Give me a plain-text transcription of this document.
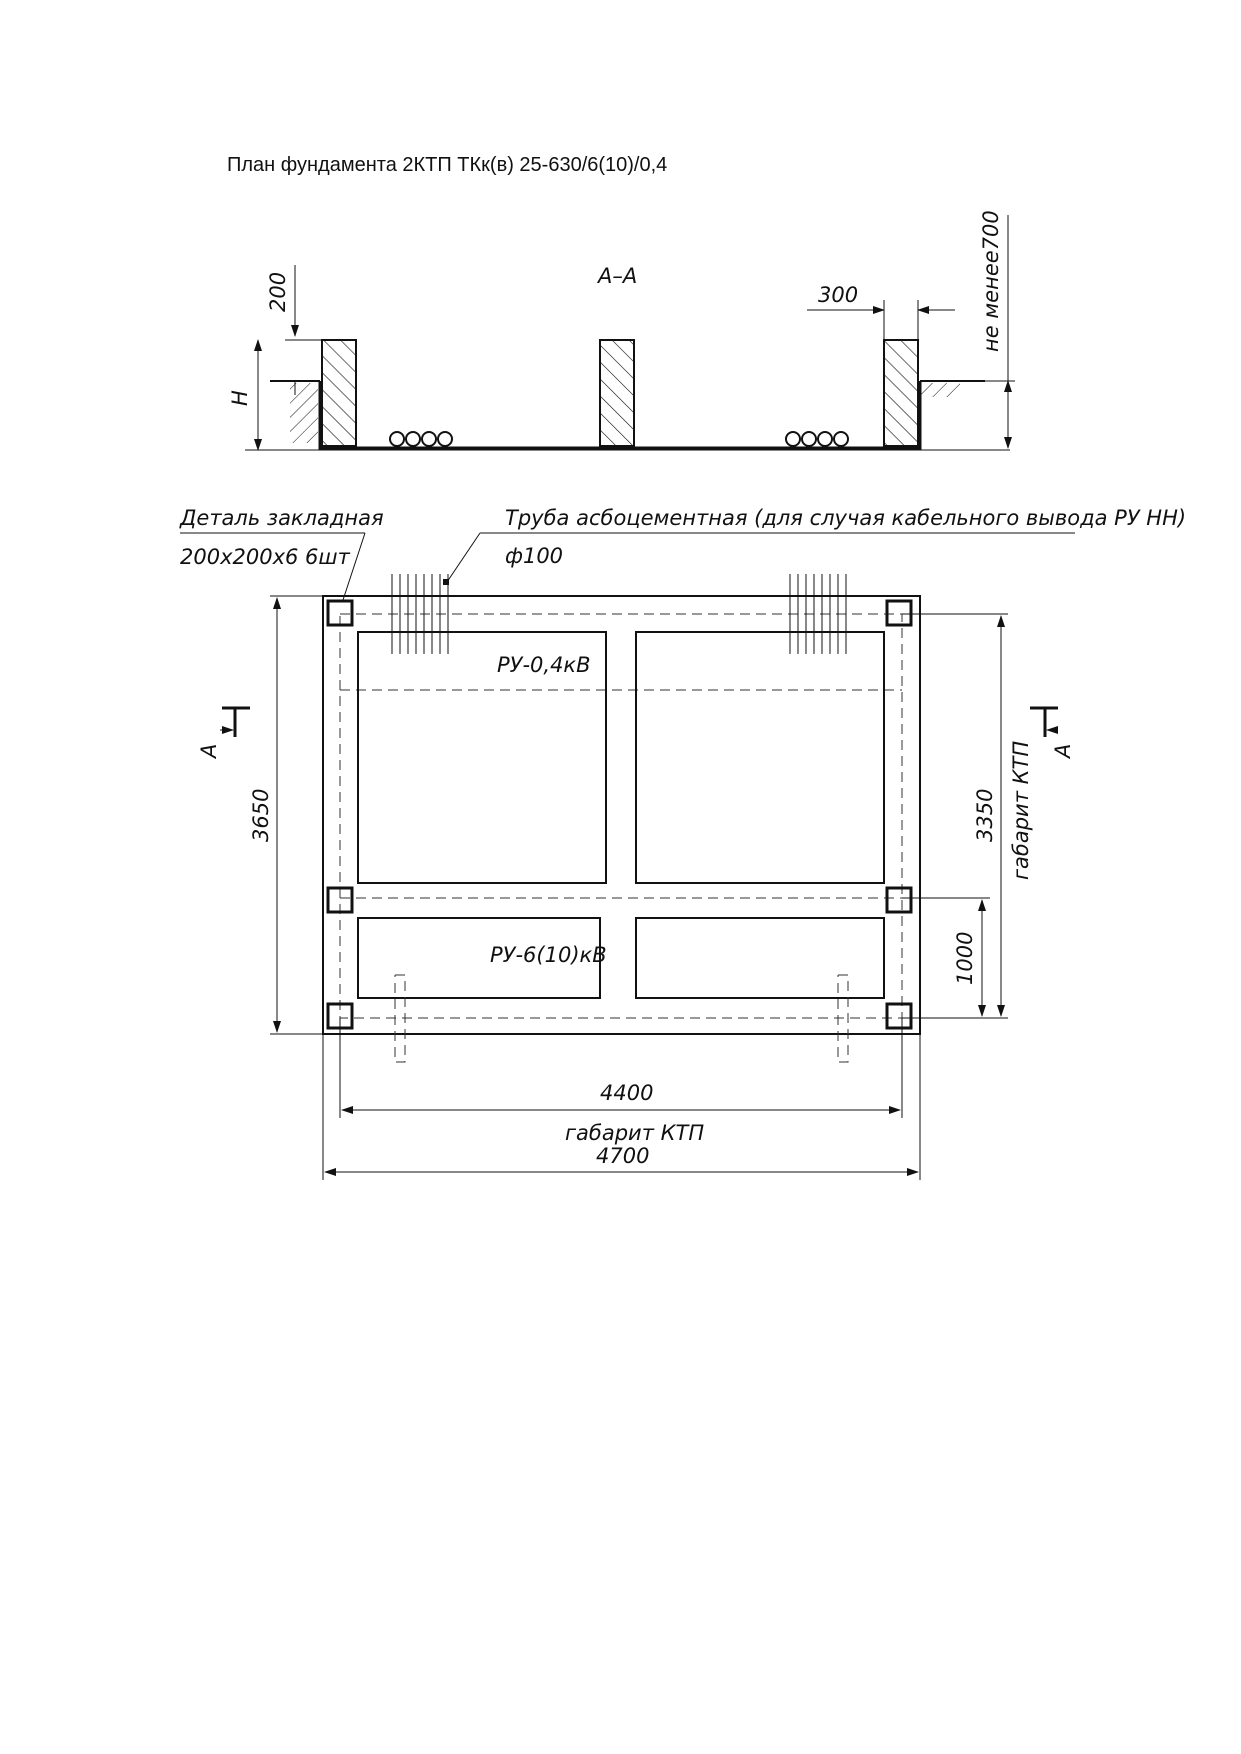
План фундамента 2КТП ТКк(в) 25-630/6(10)/0,4
А–А
200
H
300	не менее700
Деталь закладная
200x200x6 6шт
Труба асбоцементная (для случая кабельного вывода РУ НН)
ф100
РУ-0,4кВ
РУ-6(10)кВ
А	А
3650	3350 габарит КТП
1000
4400
габарит КТП
4700
